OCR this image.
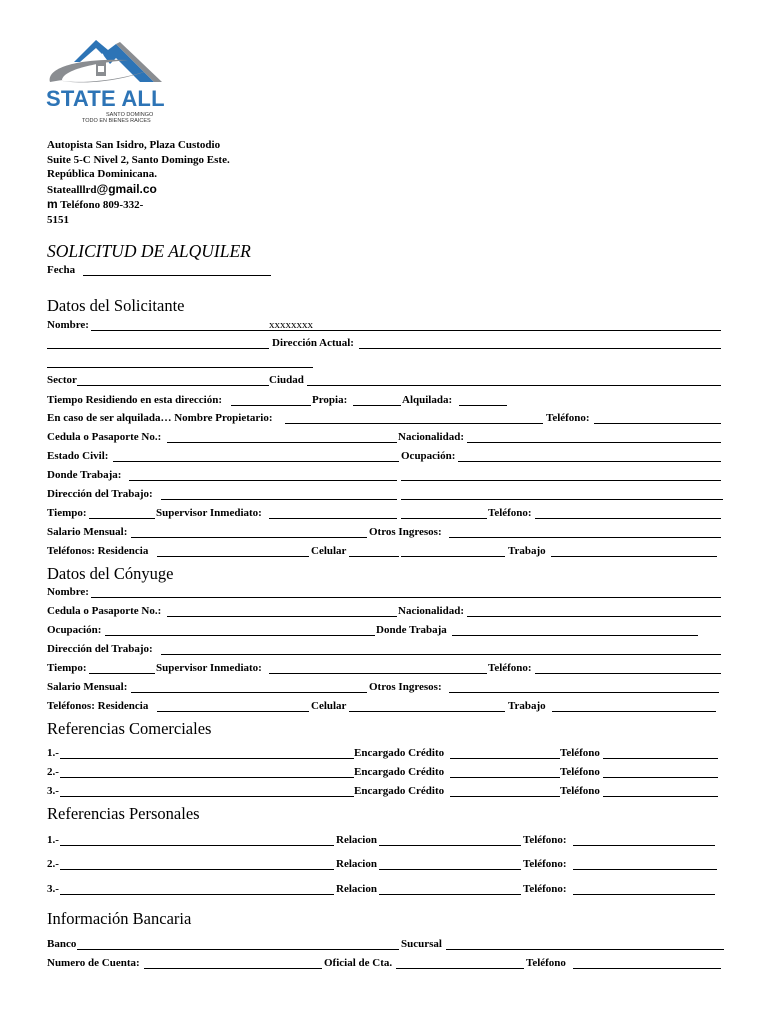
STATE ALL
SANTO DOMINGO
TODO EN BIENES RAICES
Autopista San Isidro, Plaza Custodio
Suite 5-C Nivel 2, Santo Domingo Este.
República Dominicana.
Statealllrd@gmail.co
m Teléfono 809-332-
5151
SOLICITUD DE ALQUILER
Fecha
Datos del Solicitante
Nombre:	xxxxxxxx
Dirección Actual:
Sector	Ciudad
Tiempo Residiendo en esta dirección:	Propia:	Alquilada:
En caso de ser alquilada… Nombre Propietario:	Teléfono:
Cedula o Pasaporte No.:	Nacionalidad:
Estado Civil:	Ocupación:
Donde Trabaja:
Dirección del Trabajo:
Tiempo:	Supervisor Inmediato:	Teléfono:
Salario Mensual:	Otros Ingresos:
Teléfonos: Residencia	Celular	Trabajo
Datos del Cónyuge
Nombre:
Cedula o Pasaporte No.:	Nacionalidad:
Ocupación:	Donde Trabaja
Dirección del Trabajo:
Tiempo:	Supervisor Inmediato:	Teléfono:
Salario Mensual:	Otros Ingresos:
Teléfonos: Residencia	Celular	Trabajo
Referencias Comerciales
1.-	Encargado Crédito	Teléfono
2.-	Encargado Crédito	Teléfono
3.-	Encargado Crédito	Teléfono
Referencias Personales
1.-	Relacion	Teléfono:
2.-	Relacion	Teléfono:
3.-	Relacion	Teléfono:
Información Bancaria
Banco	Sucursal
Numero de Cuenta:	Oficial de Cta.	Teléfono
